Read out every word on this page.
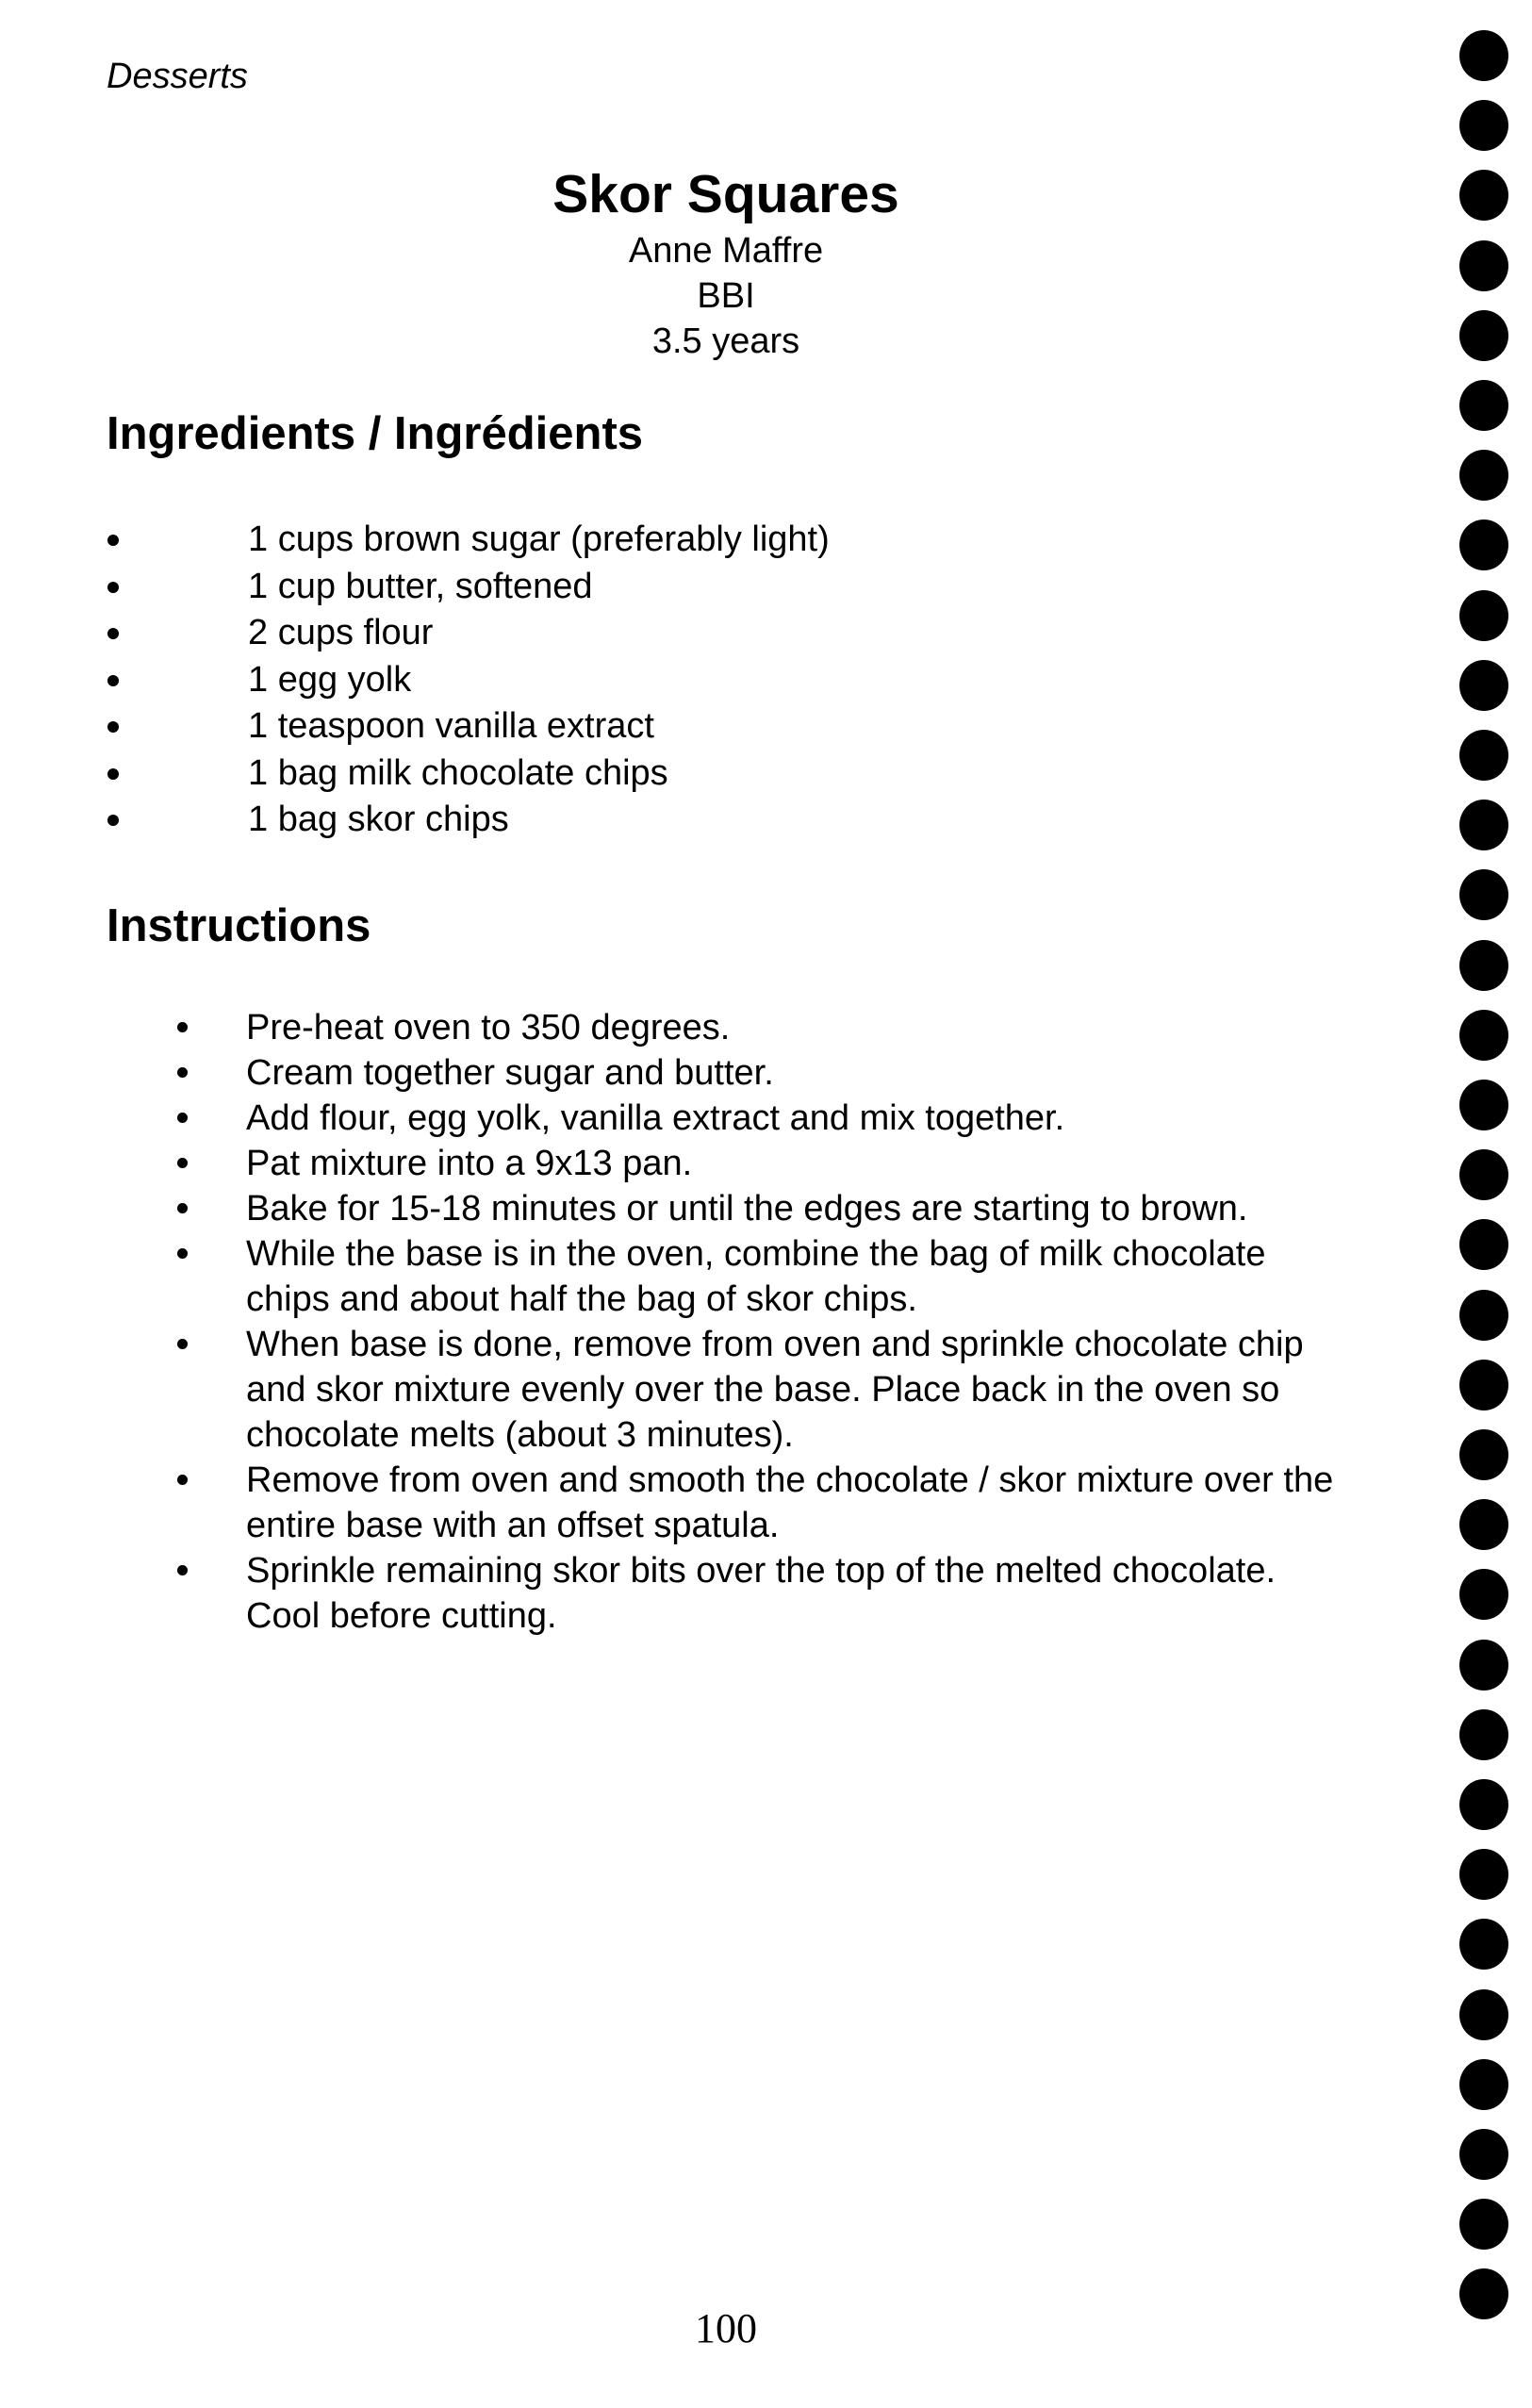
Desserts
Skor Squares
Anne Maffre
BBI
3.5 years
Ingredients / Ingrédients
1 cups brown sugar (preferably light)
1 cup butter, softened
2 cups flour
1 egg yolk
1 teaspoon vanilla extract
1 bag milk chocolate chips
1 bag skor chips
Instructions
Pre-heat oven to 350 degrees.
Cream together sugar and butter.
Add flour, egg yolk, vanilla extract and mix together.
Pat mixture into a 9x13 pan.
Bake for 15-18 minutes or until the edges are starting to brown.
While the base is in the oven, combine the bag of milk chocolate chips and about half the bag of skor chips.
When base is done, remove from oven and sprinkle chocolate chip and skor mixture evenly over the base. Place back in the oven so chocolate melts (about 3 minutes).
Remove from oven and smooth the chocolate / skor mixture over the entire base with an offset spatula.
Sprinkle remaining skor bits over the top of the melted chocolate. Cool before cutting.
100
